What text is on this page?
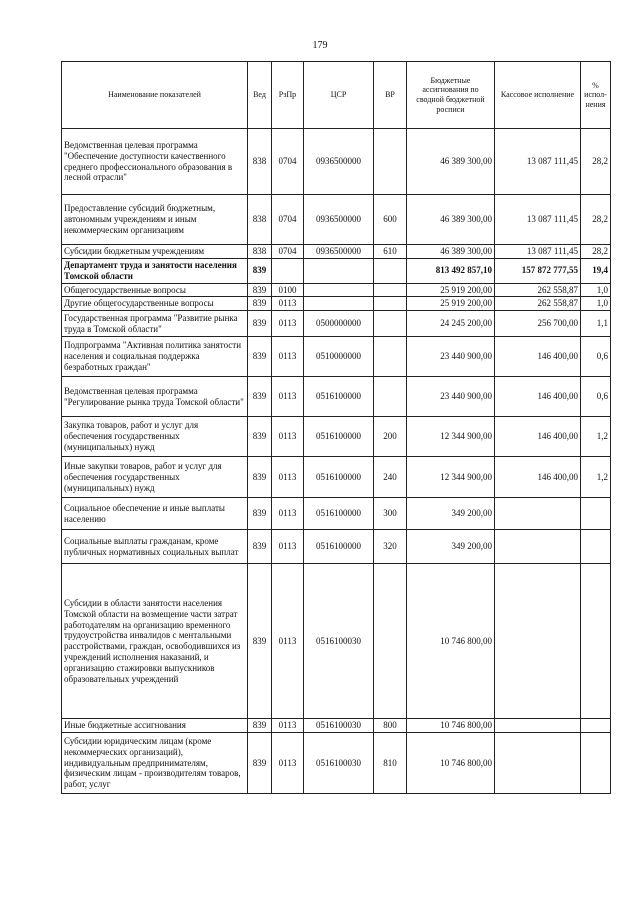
179
Наименование показателей	Вед	РзПр	ЦСР	ВР	Бюджетные ассигнования по сводной бюджетной росписи	Кассовое исполнение	% испол-нения
Ведомственная целевая программа "Обеспечение доступности качественного среднего профессионального образования в лесной отрасли"	838	0704	0936500000		46 389 300,00	13 087 111,45	28,2
Предоставление субсидий бюджетным, автономным учреждениям и иным некоммерческим организациям	838	0704	0936500000	600	46 389 300,00	13 087 111,45	28,2
Субсидии бюджетным учреждениям	838	0704	0936500000	610	46 389 300,00	13 087 111,45	28,2
Департамент труда и занятости населения Томской области	839				813 492 857,10	157 872 777,55	19,4
Общегосударственные вопросы	839	0100			25 919 200,00	262 558,87	1,0
Другие общегосударственные вопросы	839	0113			25 919 200,00	262 558,87	1,0
Государственная программа "Развитие рынка труда в Томской области"	839	0113	0500000000		24 245 200,00	256 700,00	1,1
Подпрограмма "Активная политика занятости населения и социальная поддержка безработных граждан"	839	0113	0510000000		23 440 900,00	146 400,00	0,6
Ведомственная целевая программа "Регулирование рынка труда Томской области"	839	0113	0516100000		23 440 900,00	146 400,00	0,6
Закупка товаров, работ и услуг для обеспечения государственных (муниципальных) нужд	839	0113	0516100000	200	12 344 900,00	146 400,00	1,2
Иные закупки товаров, работ и услуг для обеспечения государственных (муниципальных) нужд	839	0113	0516100000	240	12 344 900,00	146 400,00	1,2
Социальное обеспечение и иные выплаты населению	839	0113	0516100000	300	349 200,00		
Социальные выплаты гражданам, кроме публичных нормативных социальных выплат	839	0113	0516100000	320	349 200,00		
Субсидии в области занятости населения Томской области на возмещение части затрат работодателям на организацию временного трудоустройства инвалидов с ментальными расстройствами, граждан, освободившихся из учреждений исполнения наказаний, и организацию стажировки выпускников образовательных учреждений	839	0113	0516100030		10 746 800,00		
Иные бюджетные ассигнования	839	0113	0516100030	800	10 746 800,00		
Субсидии юридическим лицам (кроме некоммерческих организаций), индивидуальным предпринимателям, физическим лицам - производителям товаров, работ, услуг	839	0113	0516100030	810	10 746 800,00		
